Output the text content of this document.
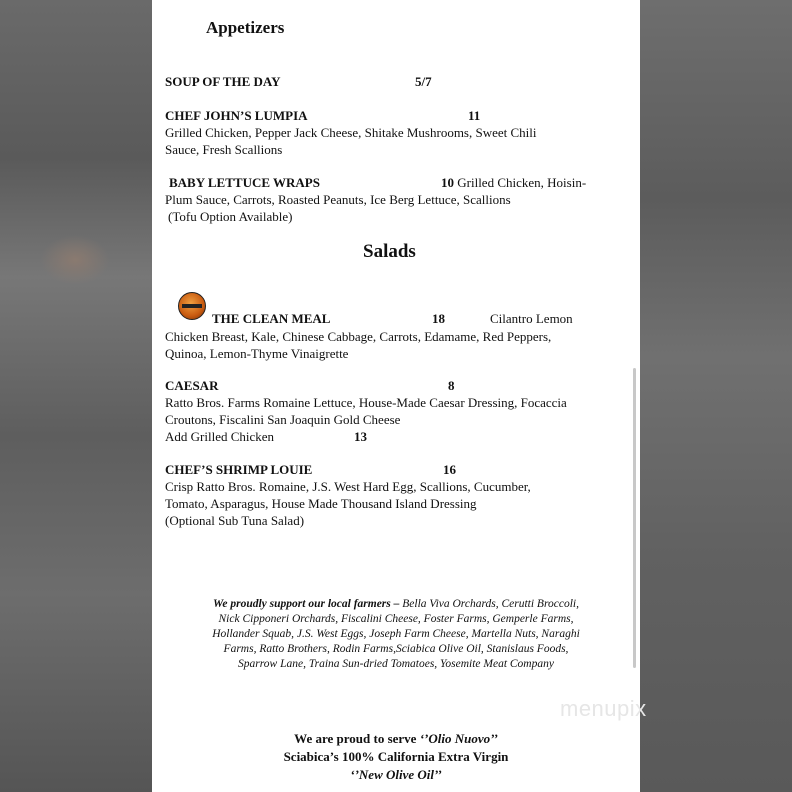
Appetizers
SOUP OF THE DAY	5/7
CHEF JOHN’S LUMPIA	11
Grilled Chicken, Pepper Jack Cheese, Shitake Mushrooms, Sweet Chili
Sauce, Fresh Scallions
BABY LETTUCE WRAPS	10 Grilled Chicken, Hoisin-
Plum Sauce, Carrots, Roasted Peanuts, Ice Berg Lettuce, Scallions
(Tofu Option Available)
Salads
THE CLEAN MEAL	18	Cilantro Lemon
Chicken Breast, Kale, Chinese Cabbage, Carrots, Edamame, Red Peppers,
Quinoa, Lemon-Thyme Vinaigrette
CAESAR	8
Ratto Bros. Farms Romaine Lettuce, House-Made Caesar Dressing, Focaccia
Croutons, Fiscalini San Joaquin Gold Cheese
Add Grilled Chicken	13
CHEF’S SHRIMP LOUIE	16
Crisp Ratto Bros. Romaine, J.S. West Hard Egg, Scallions, Cucumber,
Tomato, Asparagus, House Made Thousand Island Dressing
(Optional Sub Tuna Salad)
We proudly support our local farmers – Bella Viva Orchards, Cerutti Broccoli,
Nick Cipponeri Orchards, Fiscalini Cheese, Foster Farms, Gemperle Farms,
Hollander Squab, J.S. West Eggs, Joseph Farm Cheese, Martella Nuts, Naraghi
Farms, Ratto Brothers, Rodin Farms,Sciabica Olive Oil, Stanislaus Foods,
Sparrow Lane, Traina Sun-dried Tomatoes, Yosemite Meat Company
We are proud to serve ‘’Olio Nuovo’’
Sciabica’s 100% California Extra Virgin
‘’New Olive Oil’’
menupix
